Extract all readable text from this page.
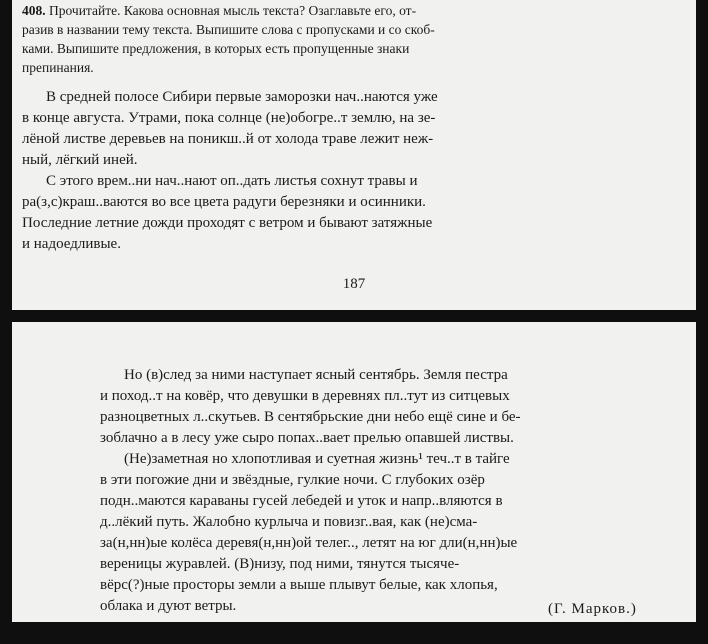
408. Прочитайте. Какова основная мысль текста? Озаглавьте его, от-
разив в названии тему текста. Выпишите слова с пропусками и со скоб-
ками. Выпишите предложения, в которых есть пропущенные знаки
препинания.
В средней полосе Сибири первые заморозки нач..наются уже
в конце августа. Утрами, пока солнце (не)обогре..т землю, на зе-
лёной листве деревьев на поникш..й от холода траве лежит неж-
ный, лёгкий иней.
С этого врем..ни нач..нают оп..дать листья сохнут травы и
ра(з,с)краш..ваются во все цвета радуги березняки и осинники.
Последние летние дожди проходят с ветром и бывают затяжные
и надоедливые.
187
Но (в)след за ними наступает ясный сентябрь. Земля пестра
и поход..т на ковёр, что девушки в деревнях пл..тут из ситцевых
разноцветных л..скутьев. В сентябрьские дни небо ещё сине и бе-
зоблачно а в лесу уже сыро попах..вает прелью опавшей листвы.
(Не)заметная но хлопотливая и суетная жизнь¹ теч..т в тайге
в эти погожие дни и звёздные, гулкие ночи. С глубоких озёр
подн..маются караваны гусей лебедей и уток и напр..вляются в
д..лёкий путь. Жалобно курлыча и повизг..вая, как (не)сма-
за(н,нн)ые колёса деревя(н,нн)ой телег.., летят на юг дли(н,нн)ые
вереницы журавлей. (В)низу, под ними, тянутся тысяче-
вёрс(?)ные просторы земли а выше плывут белые, как хлопья,
облака и дуют ветры.	(Г. Марков.)
